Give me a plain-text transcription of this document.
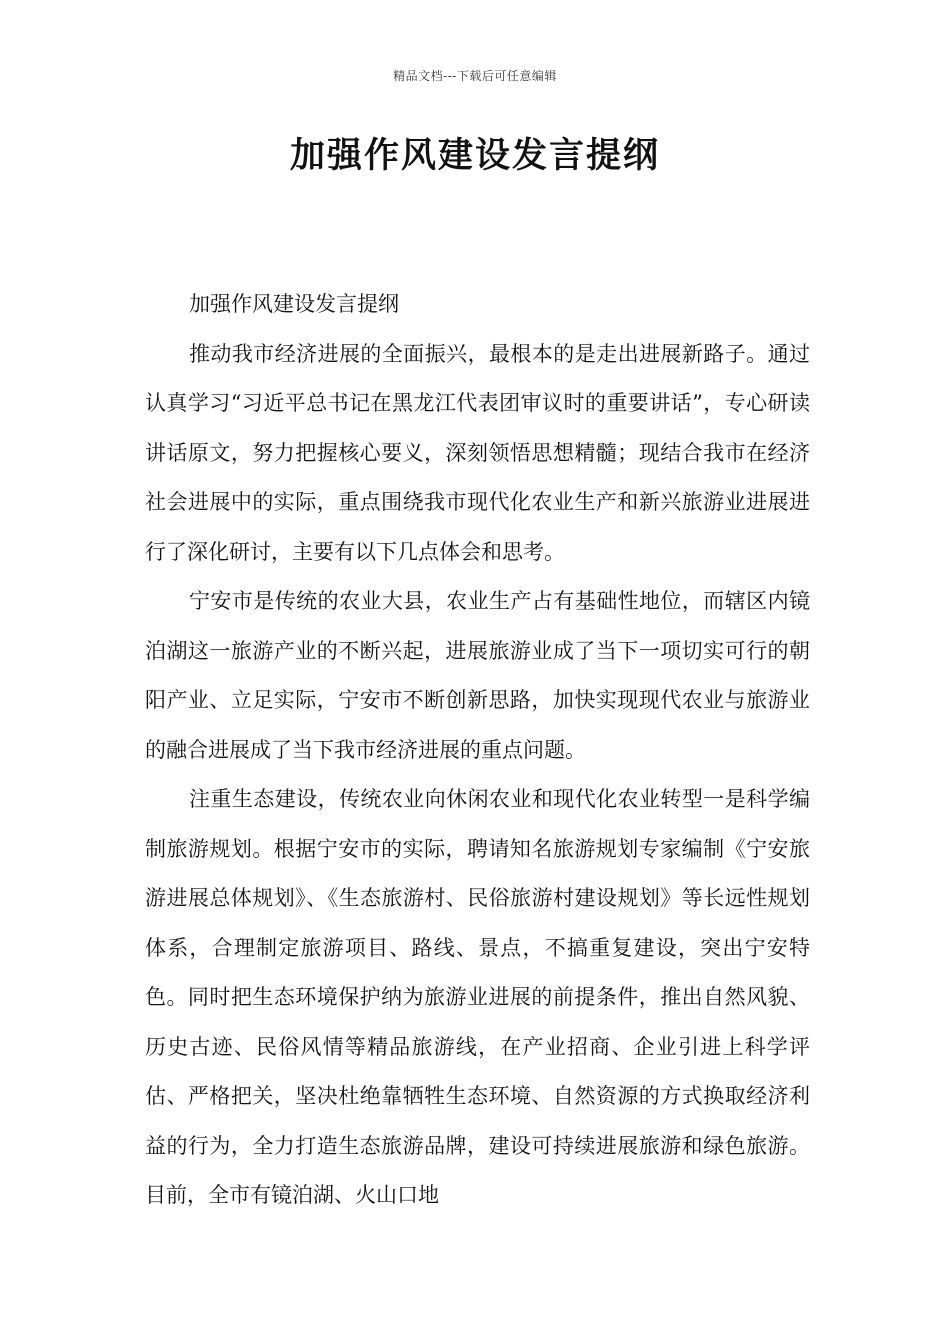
精品文档---下载后可任意编辑
加强作风建设发言提纲

加强作风建设发言提纲

推动我市经济进展的全面振兴，最根本的是走出进展新路子。通过认真学习“习近平总书记在黑龙江代表团审议时的重要讲话”，专心研读讲话原文，努力把握核心要义，深刻领悟思想精髓；现结合我市在经济社会进展中的实际，重点围绕我市现代化农业生产和新兴旅游业进展进行了深化研讨，主要有以下几点体会和思考。

宁安市是传统的农业大县，农业生产占有基础性地位，而辖区内镜泊湖这一旅游产业的不断兴起，进展旅游业成了当下一项切实可行的朝阳产业、立足实际，宁安市不断创新思路，加快实现现代农业与旅游业的融合进展成了当下我市经济进展的重点问题。

注重生态建设，传统农业向休闲农业和现代化农业转型一是科学编制旅游规划。根据宁安市的实际，聘请知名旅游规划专家编制《宁安旅游进展总体规划》、《生态旅游村、民俗旅游村建设规划》等长远性规划体系，合理制定旅游项目、路线、景点，不搞重复建设，突出宁安特色。同时把生态环境保护纳为旅游业进展的前提条件，推出自然风貌、历史古迹、民俗风情等精品旅游线，在产业招商、企业引进上科学评估、严格把关，坚决杜绝靠牺牲生态环境、自然资源的方式换取经济利益的行为，全力打造生态旅游品牌，建设可持续进展旅游和绿色旅游。目前，全市有镜泊湖、火山口地
